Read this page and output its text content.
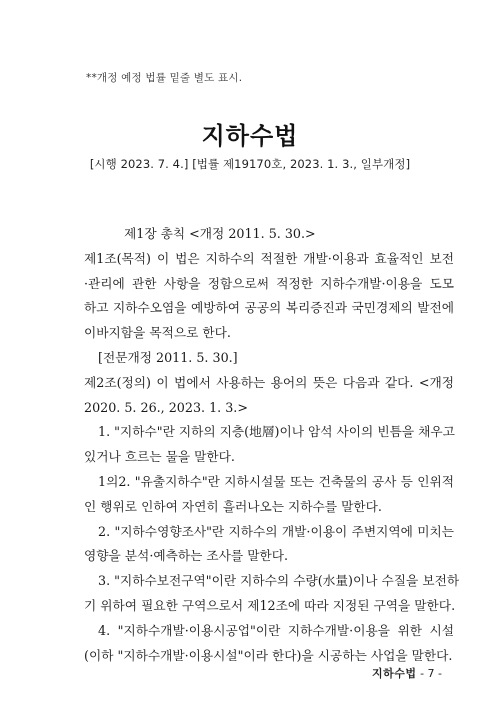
**개정 예정 법률 밑줄 별도 표시.
지하수법
[시행 2023. 7. 4.] [법률 제19170호, 2023. 1. 3., 일부개정]
제1장 총칙 <개정 2011. 5. 30.>
제1조(목적) 이 법은 지하수의 적절한 개발·이용과 효율적인 보전
·관리에 관한 사항을 정함으로써 적정한 지하수개발·이용을 도모
하고 지하수오염을 예방하여 공공의 복리증진과 국민경제의 발전에
이바지함을 목적으로 한다.
[전문개정 2011. 5. 30.]
제2조(정의) 이 법에서 사용하는 용어의 뜻은 다음과 같다. <개정
2020. 5. 26., 2023. 1. 3.>
1. "지하수"란 지하의 지층(地層)이나 암석 사이의 빈틈을 채우고
있거나 흐르는 물을 말한다.
1의2. "유출지하수"란 지하시설물 또는 건축물의 공사 등 인위적
인 행위로 인하여 자연히 흘러나오는 지하수를 말한다.
2. "지하수영향조사"란 지하수의 개발·이용이 주변지역에 미치는
영향을 분석·예측하는 조사를 말한다.
3. "지하수보전구역"이란 지하수의 수량(水量)이나 수질을 보전하
기 위하여 필요한 구역으로서 제12조에 따라 지정된 구역을 말한다.
4. "지하수개발·이용시공업"이란 지하수개발·이용을 위한 시설
(이하 "지하수개발·이용시설"이라 한다)을 시공하는 사업을 말한다.
지하수법 - 7 -
